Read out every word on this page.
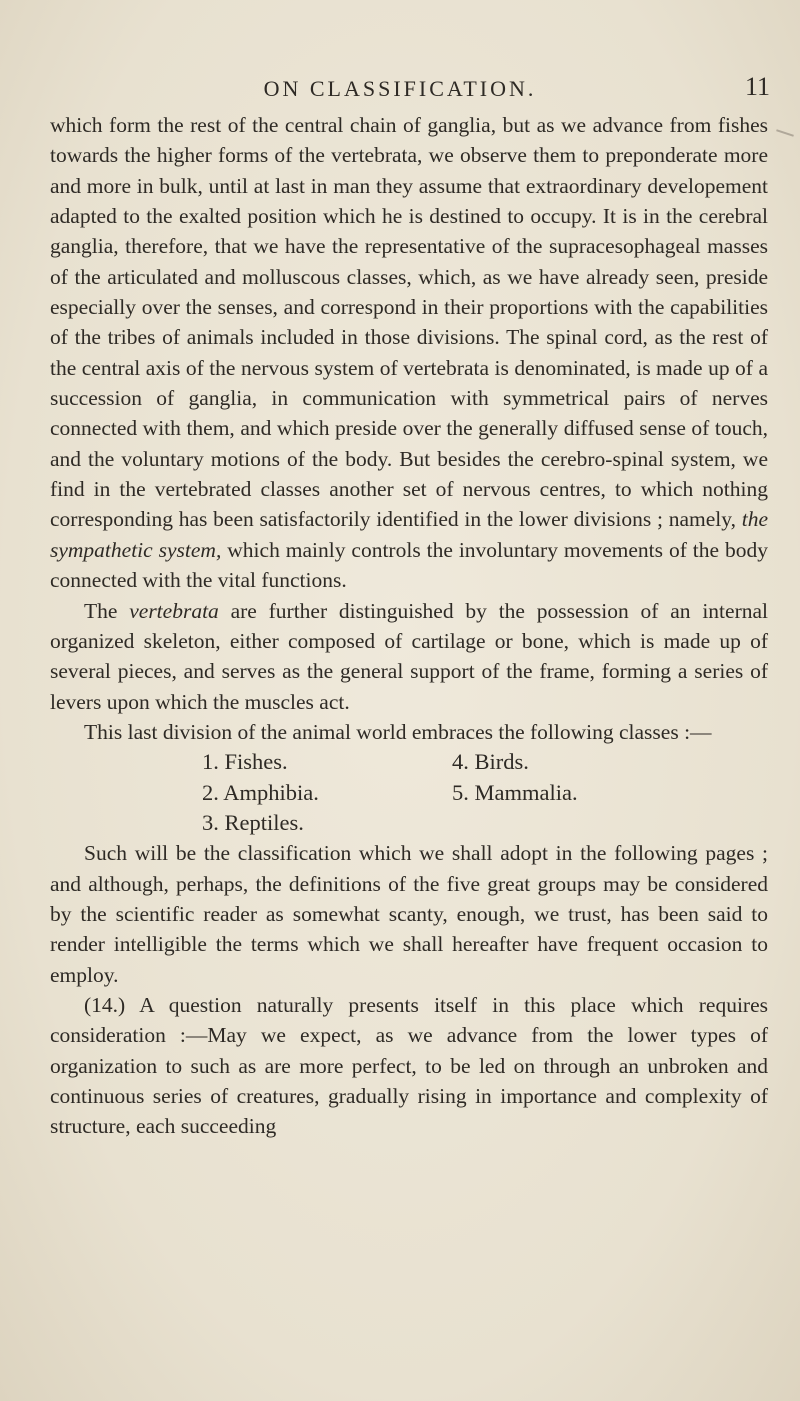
ON CLASSIFICATION.	11

which form the rest of the central chain of ganglia, but as we advance from fishes towards the higher forms of the vertebrata, we observe them to preponderate more and more in bulk, until at last in man they assume that extraordinary developement adapted to the exalted position which he is destined to occupy. It is in the cerebral ganglia, therefore, that we have the representative of the supracesophageal masses of the articulated and molluscous classes, which, as we have already seen, preside especially over the senses, and correspond in their proportions with the capabilities of the tribes of animals included in those divisions. The spinal cord, as the rest of the central axis of the nervous system of vertebrata is denominated, is made up of a succession of ganglia, in communication with symmetrical pairs of nerves connected with them, and which preside over the generally diffused sense of touch, and the voluntary motions of the body. But besides the cerebro-spinal system, we find in the vertebrated classes another set of nervous centres, to which nothing corresponding has been satisfactorily identified in the lower divisions ; namely, the sympathetic system, which mainly controls the involuntary movements of the body connected with the vital functions.

The vertebrata are further distinguished by the possession of an internal organized skeleton, either composed of cartilage or bone, which is made up of several pieces, and serves as the general support of the frame, forming a series of levers upon which the muscles act.

This last division of the animal world embraces the following classes :—

1. Fishes.	4. Birds.
2. Amphibia.	5. Mammalia.
3. Reptiles.

Such will be the classification which we shall adopt in the following pages ; and although, perhaps, the definitions of the five great groups may be considered by the scientific reader as somewhat scanty, enough, we trust, has been said to render intelligible the terms which we shall hereafter have frequent occasion to employ.

(14.) A question naturally presents itself in this place which requires consideration :—May we expect, as we advance from the lower types of organization to such as are more perfect, to be led on through an unbroken and continuous series of creatures, gradually rising in importance and complexity of structure, each succeeding
